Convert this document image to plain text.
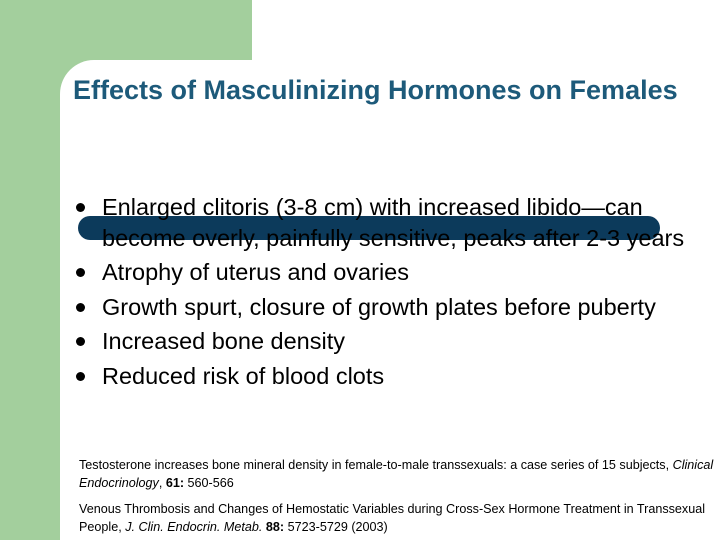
Effects of Masculinizing Hormones on Females
Enlarged clitoris (3-8 cm) with increased libido—can become overly, painfully sensitive, peaks after 2-3 years
Atrophy of uterus and ovaries
Growth spurt, closure of growth plates before puberty
Increased bone density
Reduced risk of blood clots
Testosterone increases bone mineral density in female-to-male transsexuals: a case series of 15 subjects, Clinical Endocrinology, 61: 560-566
Venous Thrombosis and Changes of Hemostatic Variables during Cross-Sex Hormone Treatment in Transsexual People, J. Clin. Endocrin. Metab. 88: 5723-5729 (2003)
